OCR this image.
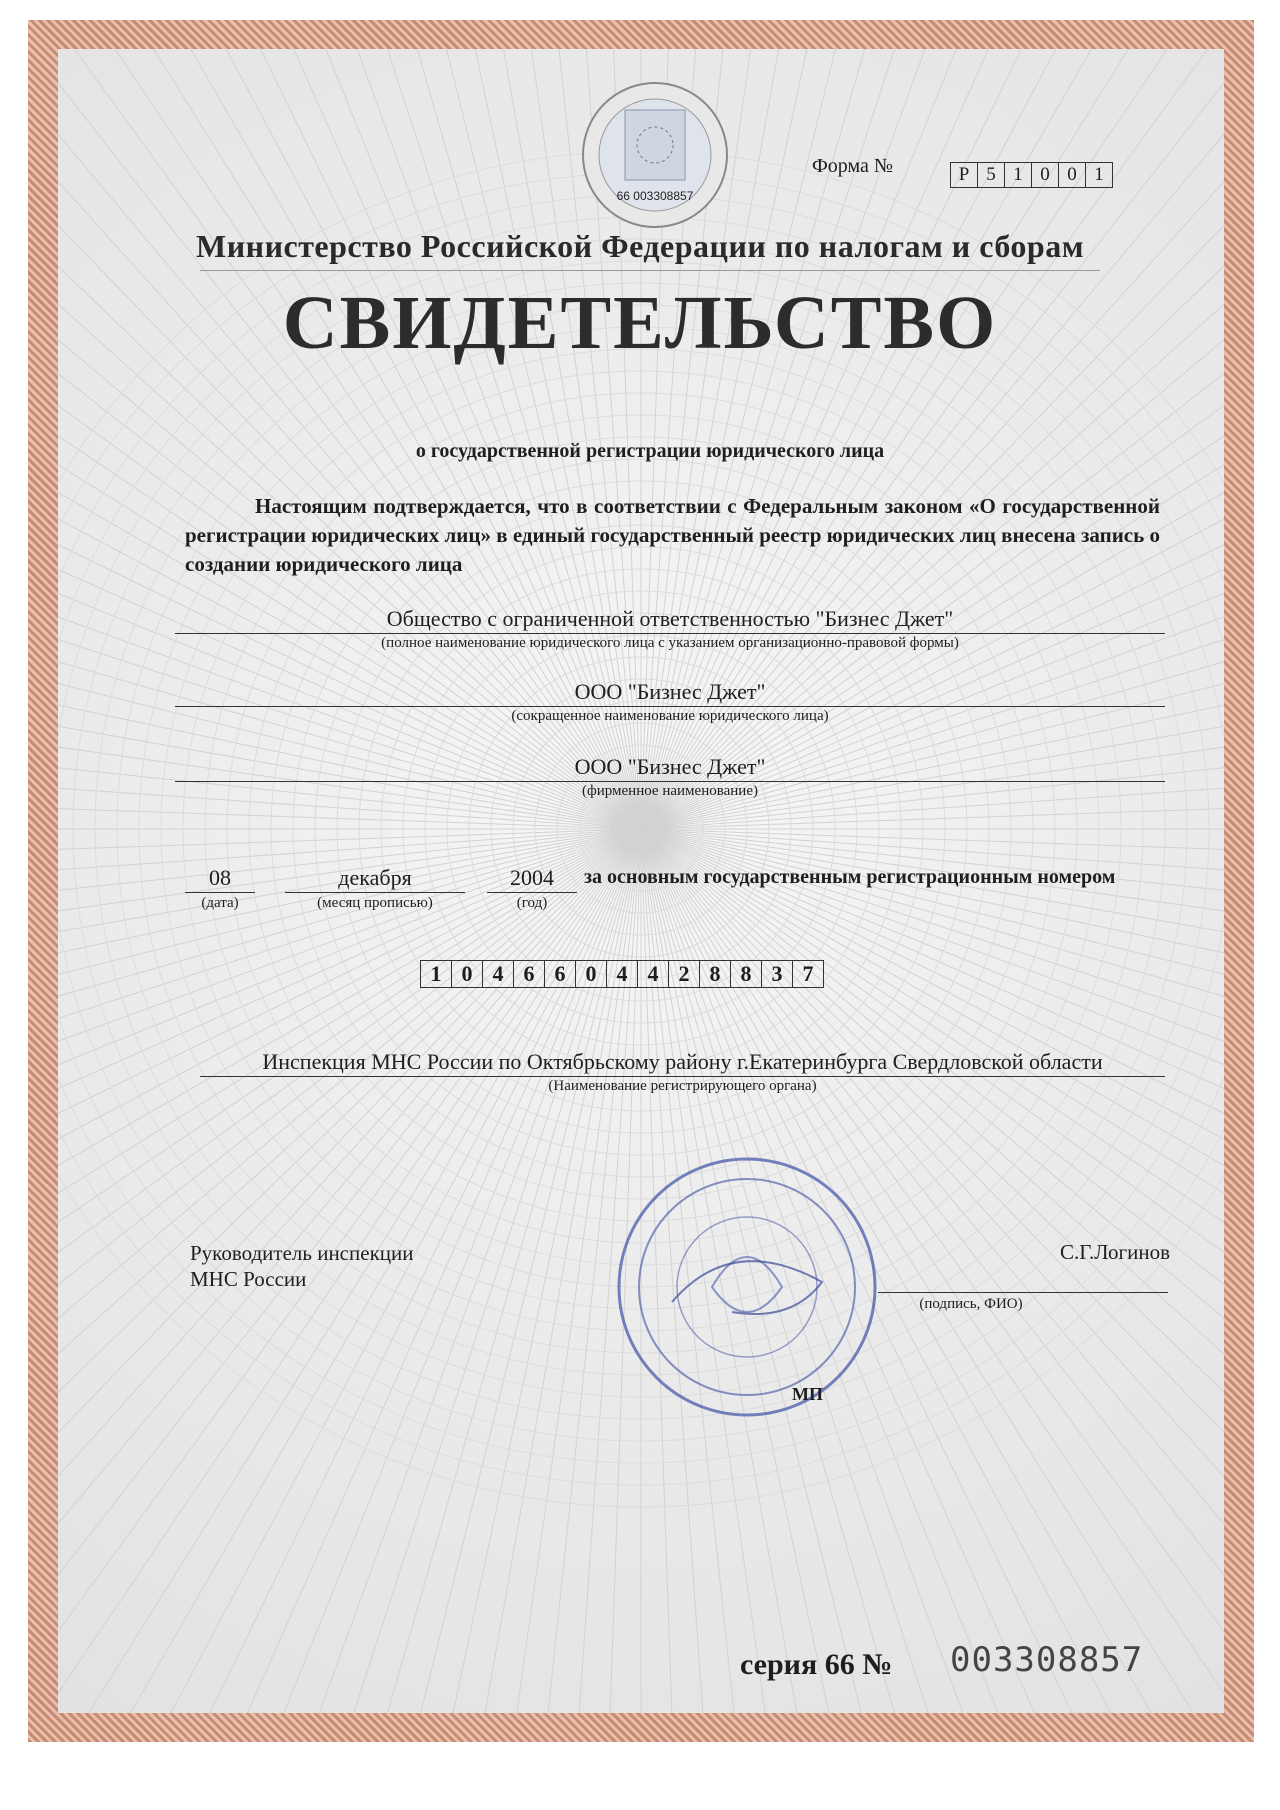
66 003308857
Форма №	Р 5 1 0 0 1
Министерство Российской Федерации по налогам и сборам
СВИДЕТЕЛЬСТВО
о государственной регистрации юридического лица
Настоящим подтверждается, что в соответствии с Федеральным законом «О государственной регистрации юридических лиц» в единый государственный реестр юридических лиц внесена запись о создании юридического лица
Общество с ограниченной ответственностью "Бизнес Джет"
(полное наименование юридического лица с указанием организационно-правовой формы)
ООО "Бизнес Джет"
(сокращенное наименование юридического лица)
ООО "Бизнес Джет"
(фирменное наименование)
08
(дата)
декабря
(месяц прописью)
2004
(год)
за основным государственным регистрационным номером
1 0 4 6 6 0 4 4 2 8 8 3 7
Инспекция МНС России по Октябрьскому району г.Екатеринбурга Свердловской области
(Наименование регистрирующего органа)
Руководитель инспекции
МНС России
С.Г.Логинов
(подпись, ФИО)
МП
серия 66 № 003308857
